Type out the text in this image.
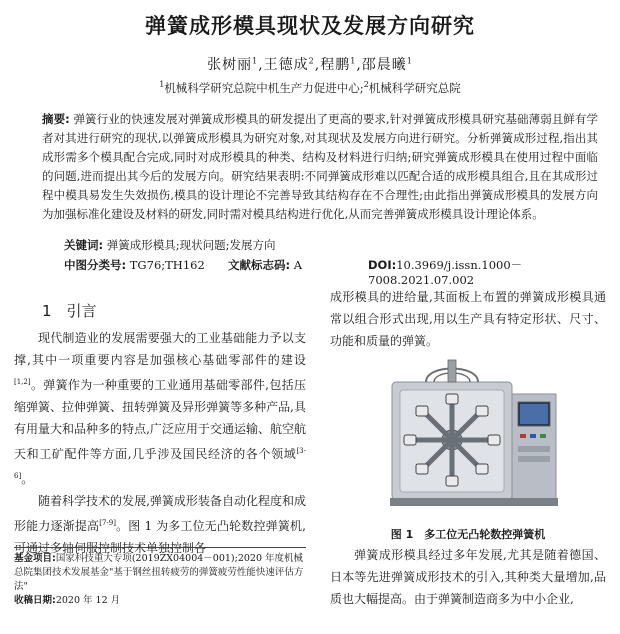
弹簧成形模具现状及发展方向研究
张树丽$^1$,王德成$^2$,程鹏$^1$,邵晨曦$^1$
$^1$机械科学研究总院中机生产力促进中心;$^2$机械科学研究总院
摘要: 弹簧行业的快速发展对弹簧成形模具的研发提出了更高的要求,针对弹簧成形模具研究基础薄弱且鲜有学者对其进行研究的现状,以弹簧成形模具为研究对象,对其现状及发展方向进行研究。分析弹簧成形过程,指出其成形需多个模具配合完成,同时对成形模具的种类、结构及材料进行归纳;研究弹簧成形模具在使用过程中面临的问题,进而提出其今后的发展方向。研究结果表明:不同弹簧成形难以匹配合适的成形模具组合,且在其成形过程中模具易发生失效损伤,模具的设计理论不完善导致其结构存在不合理性;由此指出弹簧成形模具的发展方向为加强标准化建设及材料的研发,同时需对模具结构进行优化,从而完善弹簧成形模具设计理论体系。
关键词: 弹簧成形模具;现状问题;发展方向
中图分类号: TG76;TH162 文献标志码: A	DOI:10.3969/j.issn.1000－7008.2021.07.002
1　引言

现代制造业的发展需要强大的工业基础能力予以支撑,其中一项重要内容是加强核心基础零部件的建设[1,2]。弹簧作为一种重要的工业通用基础零部件,包括压缩弹簧、拉伸弹簧、扭转弹簧及异形弹簧等多种产品,具有用量大和品种多的特点,广泛应用于交通运输、航空航天和工矿配件等方面,几乎涉及国民经济的各个领域[3-6]。

随着科学技术的发展,弹簧成形装备自动化程度和成形能力逐渐提高[7-9]。图 1 为多工位无凸轮数控弹簧机,可通过多轴伺服控制技术单独控制各

基金项目:国家科技重大专项(2019ZX04004－001);2020 年度机械总院集团技术发展基金"基于钢丝扭转疲劳的弹簧疲劳性能快速评估方法"
收稿日期:2020 年 12 月

成形模具的进给量,其面板上布置的弹簧成形模具通常以组合形式出现,用以生产具有特定形状、尺寸、功能和质量的弹簧。

图 1　多工位无凸轮数控弹簧机

弹簧成形模具经过多年发展,尤其是随着德国、日本等先进弹簧成形技术的引入,其种类大量增加,品质也大幅提高。由于弹簧制造商多为中小企业,
